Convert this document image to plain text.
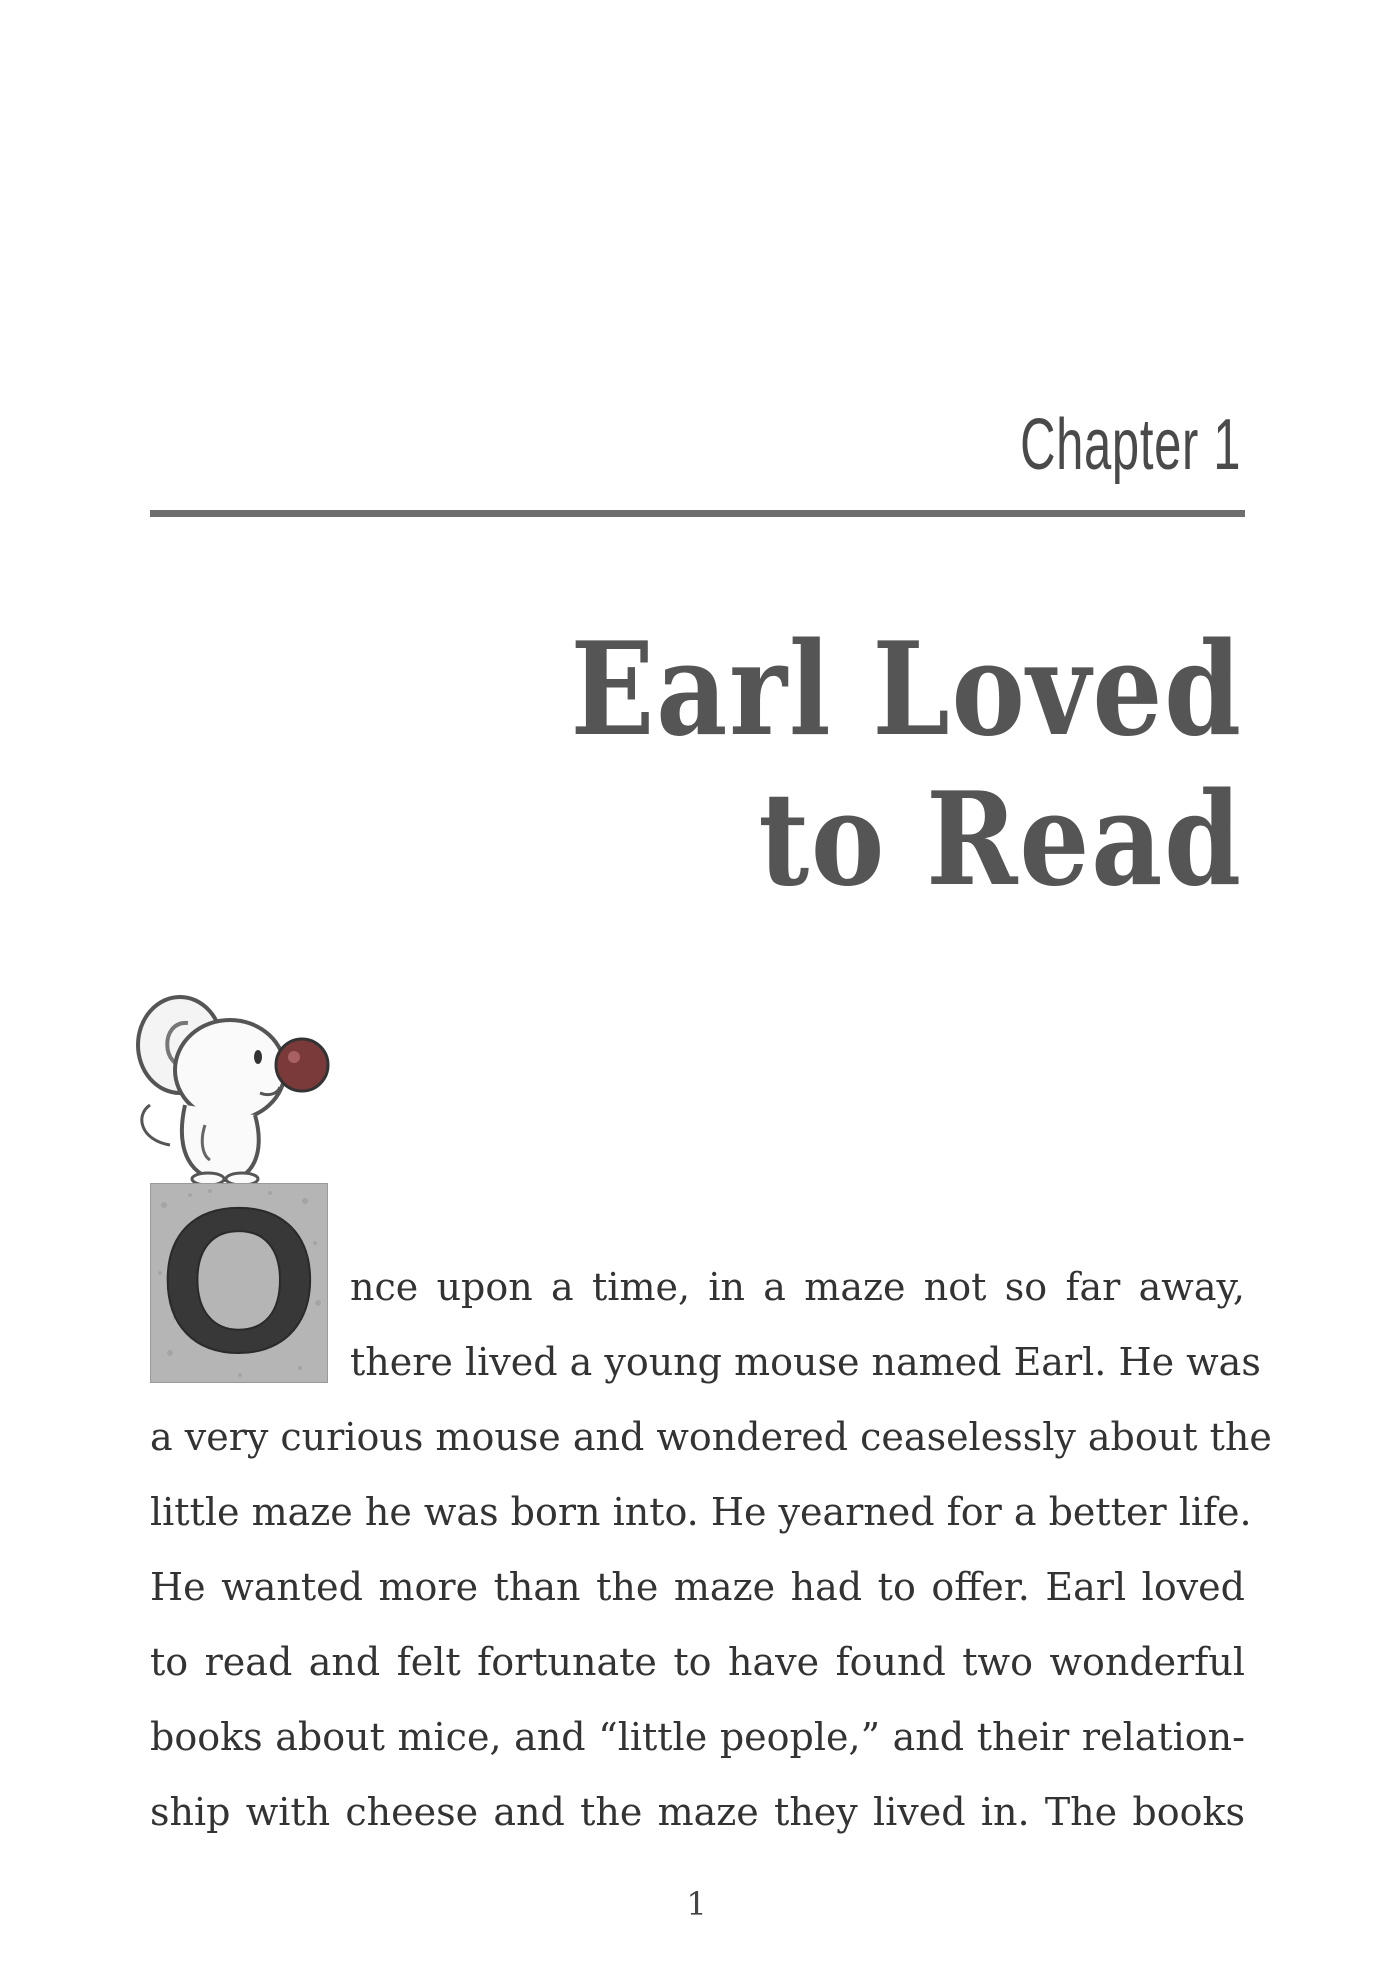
Chapter 1
Earl Loved
to Read
O nce upon a time, in a maze not so far away,
there lived a young mouse named Earl. He was
a very curious mouse and wondered ceaselessly about the
little maze he was born into. He yearned for a better life.
He wanted more than the maze had to offer. Earl loved
to read and felt fortunate to have found two wonderful
books about mice, and “little people,” and their relation-
ship with cheese and the maze they lived in. The books
1
